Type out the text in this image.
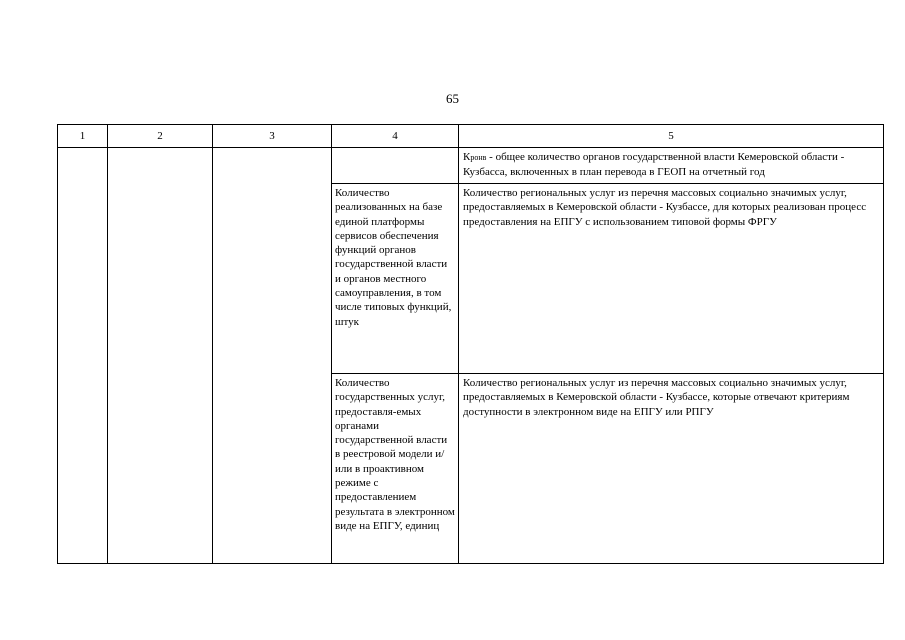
65
1	2	3	4	5
				Кронв - общее количество органов государственной власти Кемеровской области - Кузбасса, включенных в план перевода в ГЕОП на отчетный год
			Количество реализованных на базе единой платформы сервисов обеспечения функций органов государственной власти и органов местного самоуправления, в том числе типовых функций, штук	Количество региональных услуг из перечня массовых социально значимых услуг, предоставляемых в Кемеровской области - Кузбассе, для которых реализован процесс предоставления на ЕПГУ с использованием типовой формы ФРГУ
			Количество государственных услуг, предоставля-емых органами государственной власти в реестровой модели и/или в проактивном режиме с предоставлением результата в электронном виде на ЕПГУ, единиц	Количество региональных услуг из перечня массовых социально значимых услуг, предоставляемых в Кемеровской области - Кузбассе, которые отвечают критериям доступности в электронном виде на ЕПГУ или РПГУ
